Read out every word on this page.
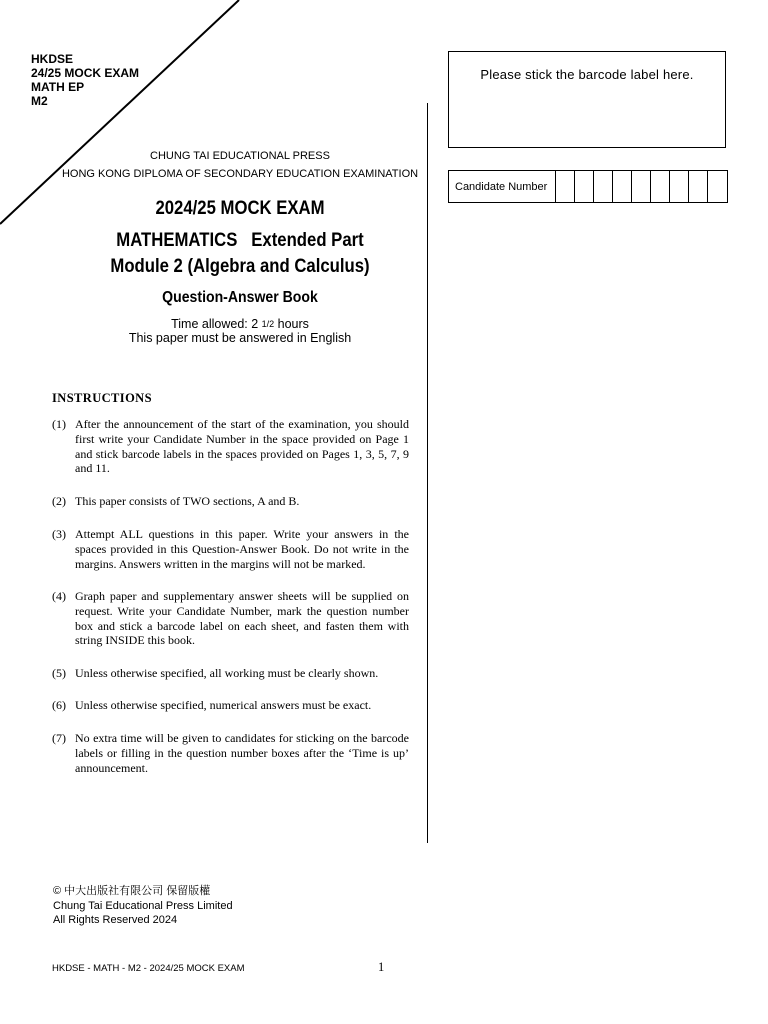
HKDSE
24/25 MOCK EXAM
MATH EP
M2
CHUNG TAI EDUCATIONAL PRESS
HONG KONG DIPLOMA OF SECONDARY EDUCATION EXAMINATION
2024/25 MOCK EXAM
MATHEMATICS   Extended Part
Module 2 (Algebra and Calculus)
Question-Answer Book
Time allowed: 2 1/2 hours
This paper must be answered in English
Please stick the barcode label here.
Candidate Number
INSTRUCTIONS
(1) After the announcement of the start of the examination, you should first write your Candidate Number in the space provided on Page 1 and stick barcode labels in the spaces provided on Pages 1, 3, 5, 7, 9 and 11.
(2) This paper consists of TWO sections, A and B.
(3) Attempt ALL questions in this paper. Write your answers in the spaces provided in this Question-Answer Book. Do not write in the margins. Answers written in the margins will not be marked.
(4) Graph paper and supplementary answer sheets will be supplied on request. Write your Candidate Number, mark the question number box and stick a barcode label on each sheet, and fasten them with string INSIDE this book.
(5) Unless otherwise specified, all working must be clearly shown.
(6) Unless otherwise specified, numerical answers must be exact.
(7) No extra time will be given to candidates for sticking on the barcode labels or filling in the question number boxes after the ‘Time is up’ announcement.
© 中大出版社有限公司 保留版權
Chung Tai Educational Press Limited
All Rights Reserved 2024
HKDSE - MATH - M2 - 2024/25 MOCK EXAM	1
